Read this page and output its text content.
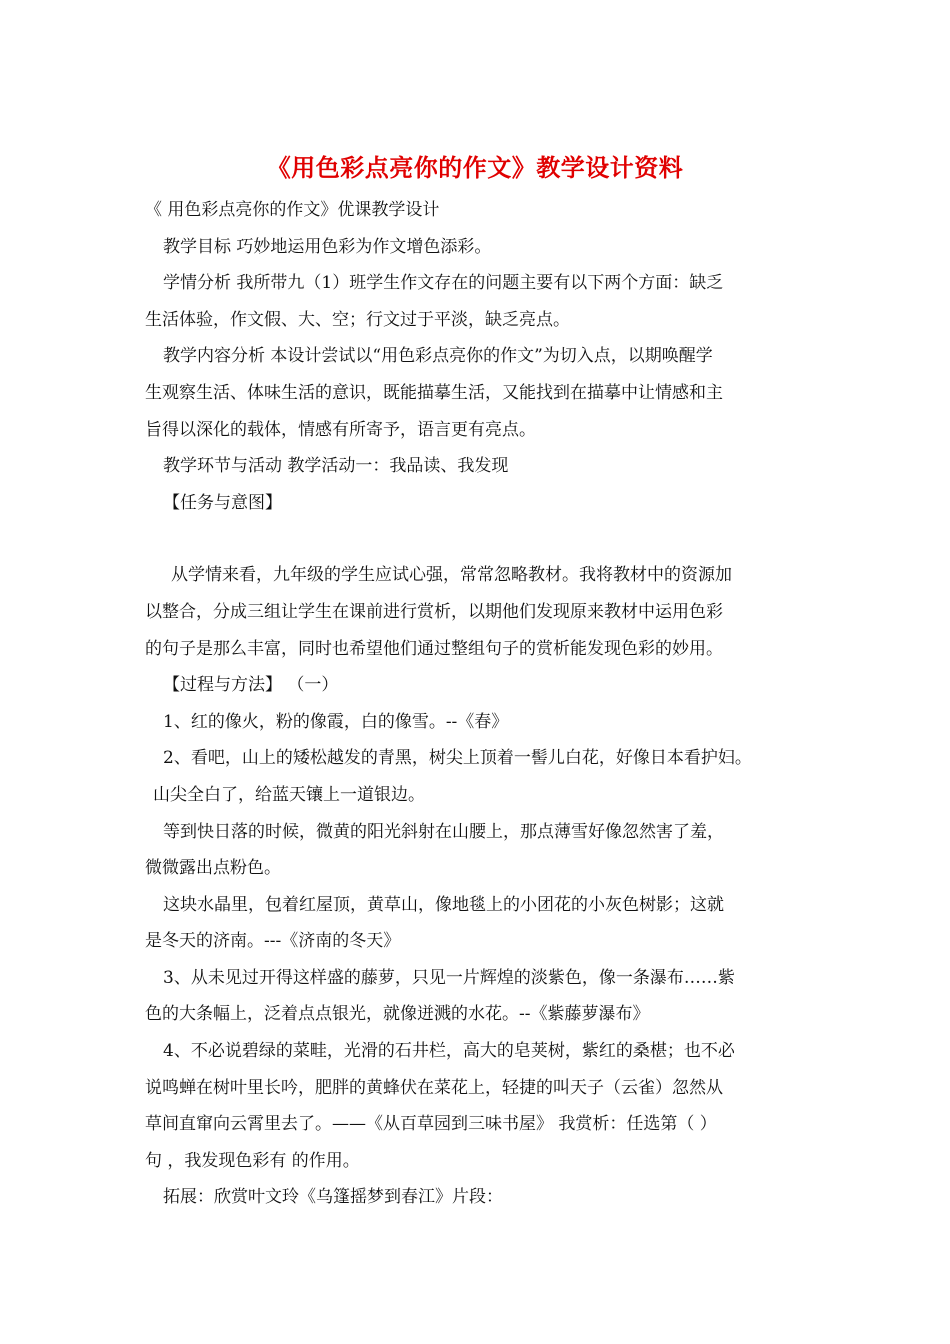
《用色彩点亮你的作文》教学设计资料
《 用色彩点亮你的作文》优课教学设计
教学目标 巧妙地运用色彩为作文增色添彩。
学情分析 我所带九（1）班学生作文存在的问题主要有以下两个方面：缺乏
生活体验，作文假、大、空；行文过于平淡，缺乏亮点。
教学内容分析 本设计尝试以“用色彩点亮你的作文”为切入点，以期唤醒学
生观察生活、体味生活的意识，既能描摹生活，又能找到在描摹中让情感和主
旨得以深化的载体，情感有所寄予，语言更有亮点。
教学环节与活动 教学活动一：我品读、我发现
【任务与意图】
从学情来看，九年级的学生应试心强，常常忽略教材。我将教材中的资源加
以整合，分成三组让学生在课前进行赏析，以期他们发现原来教材中运用色彩
的句子是那么丰富，同时也希望他们通过整组句子的赏析能发现色彩的妙用。
【过程与方法】 （一）
1、红的像火，粉的像霞，白的像雪。--《春》
2、看吧，山上的矮松越发的青黑，树尖上顶着一髻儿白花，好像日本看护妇。
山尖全白了，给蓝天镶上一道银边。
等到快日落的时候，微黄的阳光斜射在山腰上，那点薄雪好像忽然害了羞，
微微露出点粉色。
这块水晶里，包着红屋顶，黄草山，像地毯上的小团花的小灰色树影；这就
是冬天的济南。---《济南的冬天》
3、从未见过开得这样盛的藤萝，只见一片辉煌的淡紫色，像一条瀑布……紫
色的大条幅上，泛着点点银光，就像迸溅的水花。--《紫藤萝瀑布》
4、不必说碧绿的菜畦，光滑的石井栏，高大的皂荚树，紫红的桑椹；也不必
说鸣蝉在树叶里长吟，肥胖的黄蜂伏在菜花上，轻捷的叫天子（云雀）忽然从
草间直窜向云霄里去了。——《从百草园到三味书屋》 我赏析：任选第（ ）
句 ，我发现色彩有 的作用。
拓展：欣赏叶文玲《乌篷摇梦到春江》片段：
